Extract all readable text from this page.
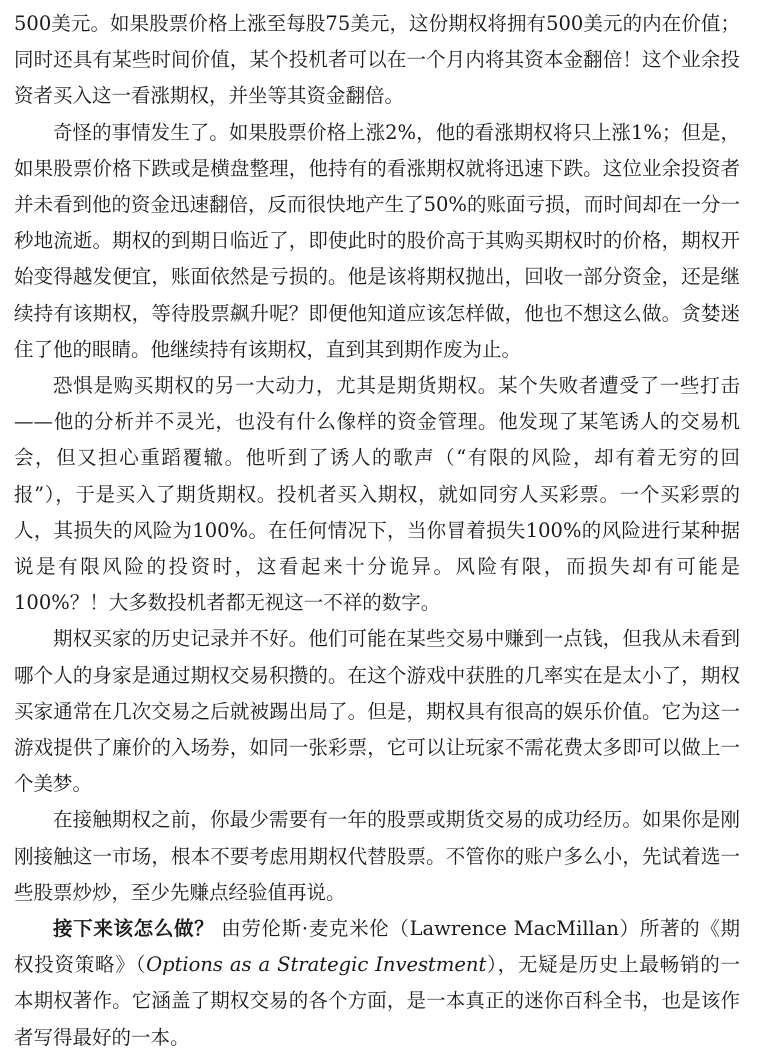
500美元。如果股票价格上涨至每股75美元，这份期权将拥有500美元的内在价值；同时还具有某些时间价值，某个投机者可以在一个月内将其资本金翻倍！这个业余投资者买入这一看涨期权，并坐等其资金翻倍。

奇怪的事情发生了。如果股票价格上涨2%，他的看涨期权将只上涨1%；但是，如果股票价格下跌或是横盘整理，他持有的看涨期权就将迅速下跌。这位业余投资者并未看到他的资金迅速翻倍，反而很快地产生了50%的账面亏损，而时间却在一分一秒地流逝。期权的到期日临近了，即使此时的股价高于其购买期权时的价格，期权开始变得越发便宜，账面依然是亏损的。他是该将期权抛出，回收一部分资金，还是继续持有该期权，等待股票飙升呢？即便他知道应该怎样做，他也不想这么做。贪婪迷住了他的眼睛。他继续持有该期权，直到其到期作废为止。

恐惧是购买期权的另一大动力，尤其是期货期权。某个失败者遭受了一些打击——他的分析并不灵光，也没有什么像样的资金管理。他发现了某笔诱人的交易机会，但又担心重蹈覆辙。他听到了诱人的歌声（“有限的风险，却有着无穷的回报”），于是买入了期货期权。投机者买入期权，就如同穷人买彩票。一个买彩票的人，其损失的风险为100%。在任何情况下，当你冒着损失100%的风险进行某种据说是有限风险的投资时，这看起来十分诡异。风险有限，而损失却有可能是100%？！大多数投机者都无视这一不祥的数字。

期权买家的历史记录并不好。他们可能在某些交易中赚到一点钱，但我从未看到哪个人的身家是通过期权交易积攒的。在这个游戏中获胜的几率实在是太小了，期权买家通常在几次交易之后就被踢出局了。但是，期权具有很高的娱乐价值。它为这一游戏提供了廉价的入场券，如同一张彩票，它可以让玩家不需花费太多即可以做上一个美梦。

在接触期权之前，你最少需要有一年的股票或期货交易的成功经历。如果你是刚刚接触这一市场，根本不要考虑用期权代替股票。不管你的账户多么小，先试着选一些股票炒炒，至少先赚点经验值再说。

接下来该怎么做？ 由劳伦斯·麦克米伦（Lawrence MacMillan）所著的《期权投资策略》（Options as a Strategic Investment），无疑是历史上最畅销的一本期权著作。它涵盖了期权交易的各个方面，是一本真正的迷你百科全书，也是该作者写得最好的一本。
